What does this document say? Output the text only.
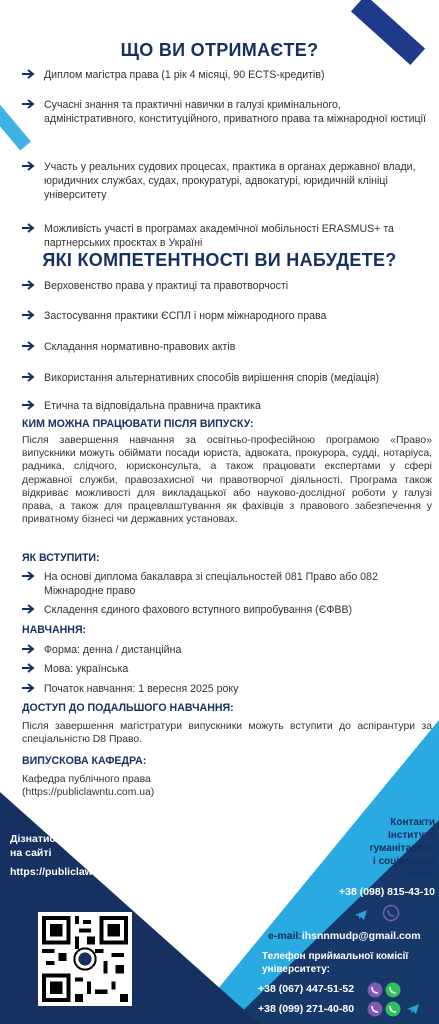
ЩО ВИ ОТРИМАЄТЕ?
Диплом магістра права (1 рік 4 місяці, 90 ECTS-кредитів)
Сучасні знання та практичні навички в галузі кримінального, адміністративного, конституційного, приватного права та міжнародної юстиції
Участь у реальних судових процесах, практика в органах державної влади, юридичних службах, судах, прокуратурі, адвокатурі, юридичній клініці університету
Можливість участі в програмах академічної мобільності ERASMUS+ та партнерських проєктах в Україні
ЯКІ КОМПЕТЕНТНОСТІ ВИ НАБУДЕТЕ?
Верховенство права у практиці та правотворчості
Застосування практики ЄСПЛ і норм міжнародного права
Складання нормативно-правових актів
Використання альтернативних способів вирішення спорів (медіація)
Етична та відповідальна правнича практика

КИМ МОЖНА ПРАЦЮВАТИ ПІСЛЯ ВИПУСКУ:

Після завершення навчання за освітньо-професійною програмою «Право» випускники можуть обіймати посади юриста, адвоката, прокурора, судді, нотаріуса, радника, слідчого, юрисконсульта, а також працювати експертами у сфері державної служби, правозахисної чи правотворчої діяльності. Програма також відкриває можливості для викладацької або науково-дослідної роботи у галузі права, а також для працевлаштування як фахівців з правового забезпечення у приватному бізнесі чи державних установах.

ЯК ВСТУПИТИ:

На основі диплома бакалавра зі спеціальностей 081 Право або 082 Міжнародне право
Складення єдиного фахового вступного випробування (ЄФВВ)

НАВЧАННЯ:

Форма: денна / дистанційна
Мова: українська
Початок навчання: 1 вересня 2025 року

ДОСТУП ДО ПОДАЛЬШОГО НАВЧАННЯ:

Після завершення магістратури випускники можуть вступити до аспірантури за спеціальністю D8 Право.

ВИПУСКОВА КАФЕДРА:

Кафедра публічного права

(https://publiclawntu.com.ua)

Дізнатися більше
на сайті
https://publiclawntu.com.ua
Контакти
Інституту
гуманітарних
і соціальних
наук:
+38 (098) 815-43-10
e-mail:ihsnnmudp@gmail.com
Телефон приймальної комісії університету:
+38 (067) 447-51-52
+38 (099) 271-40-80
